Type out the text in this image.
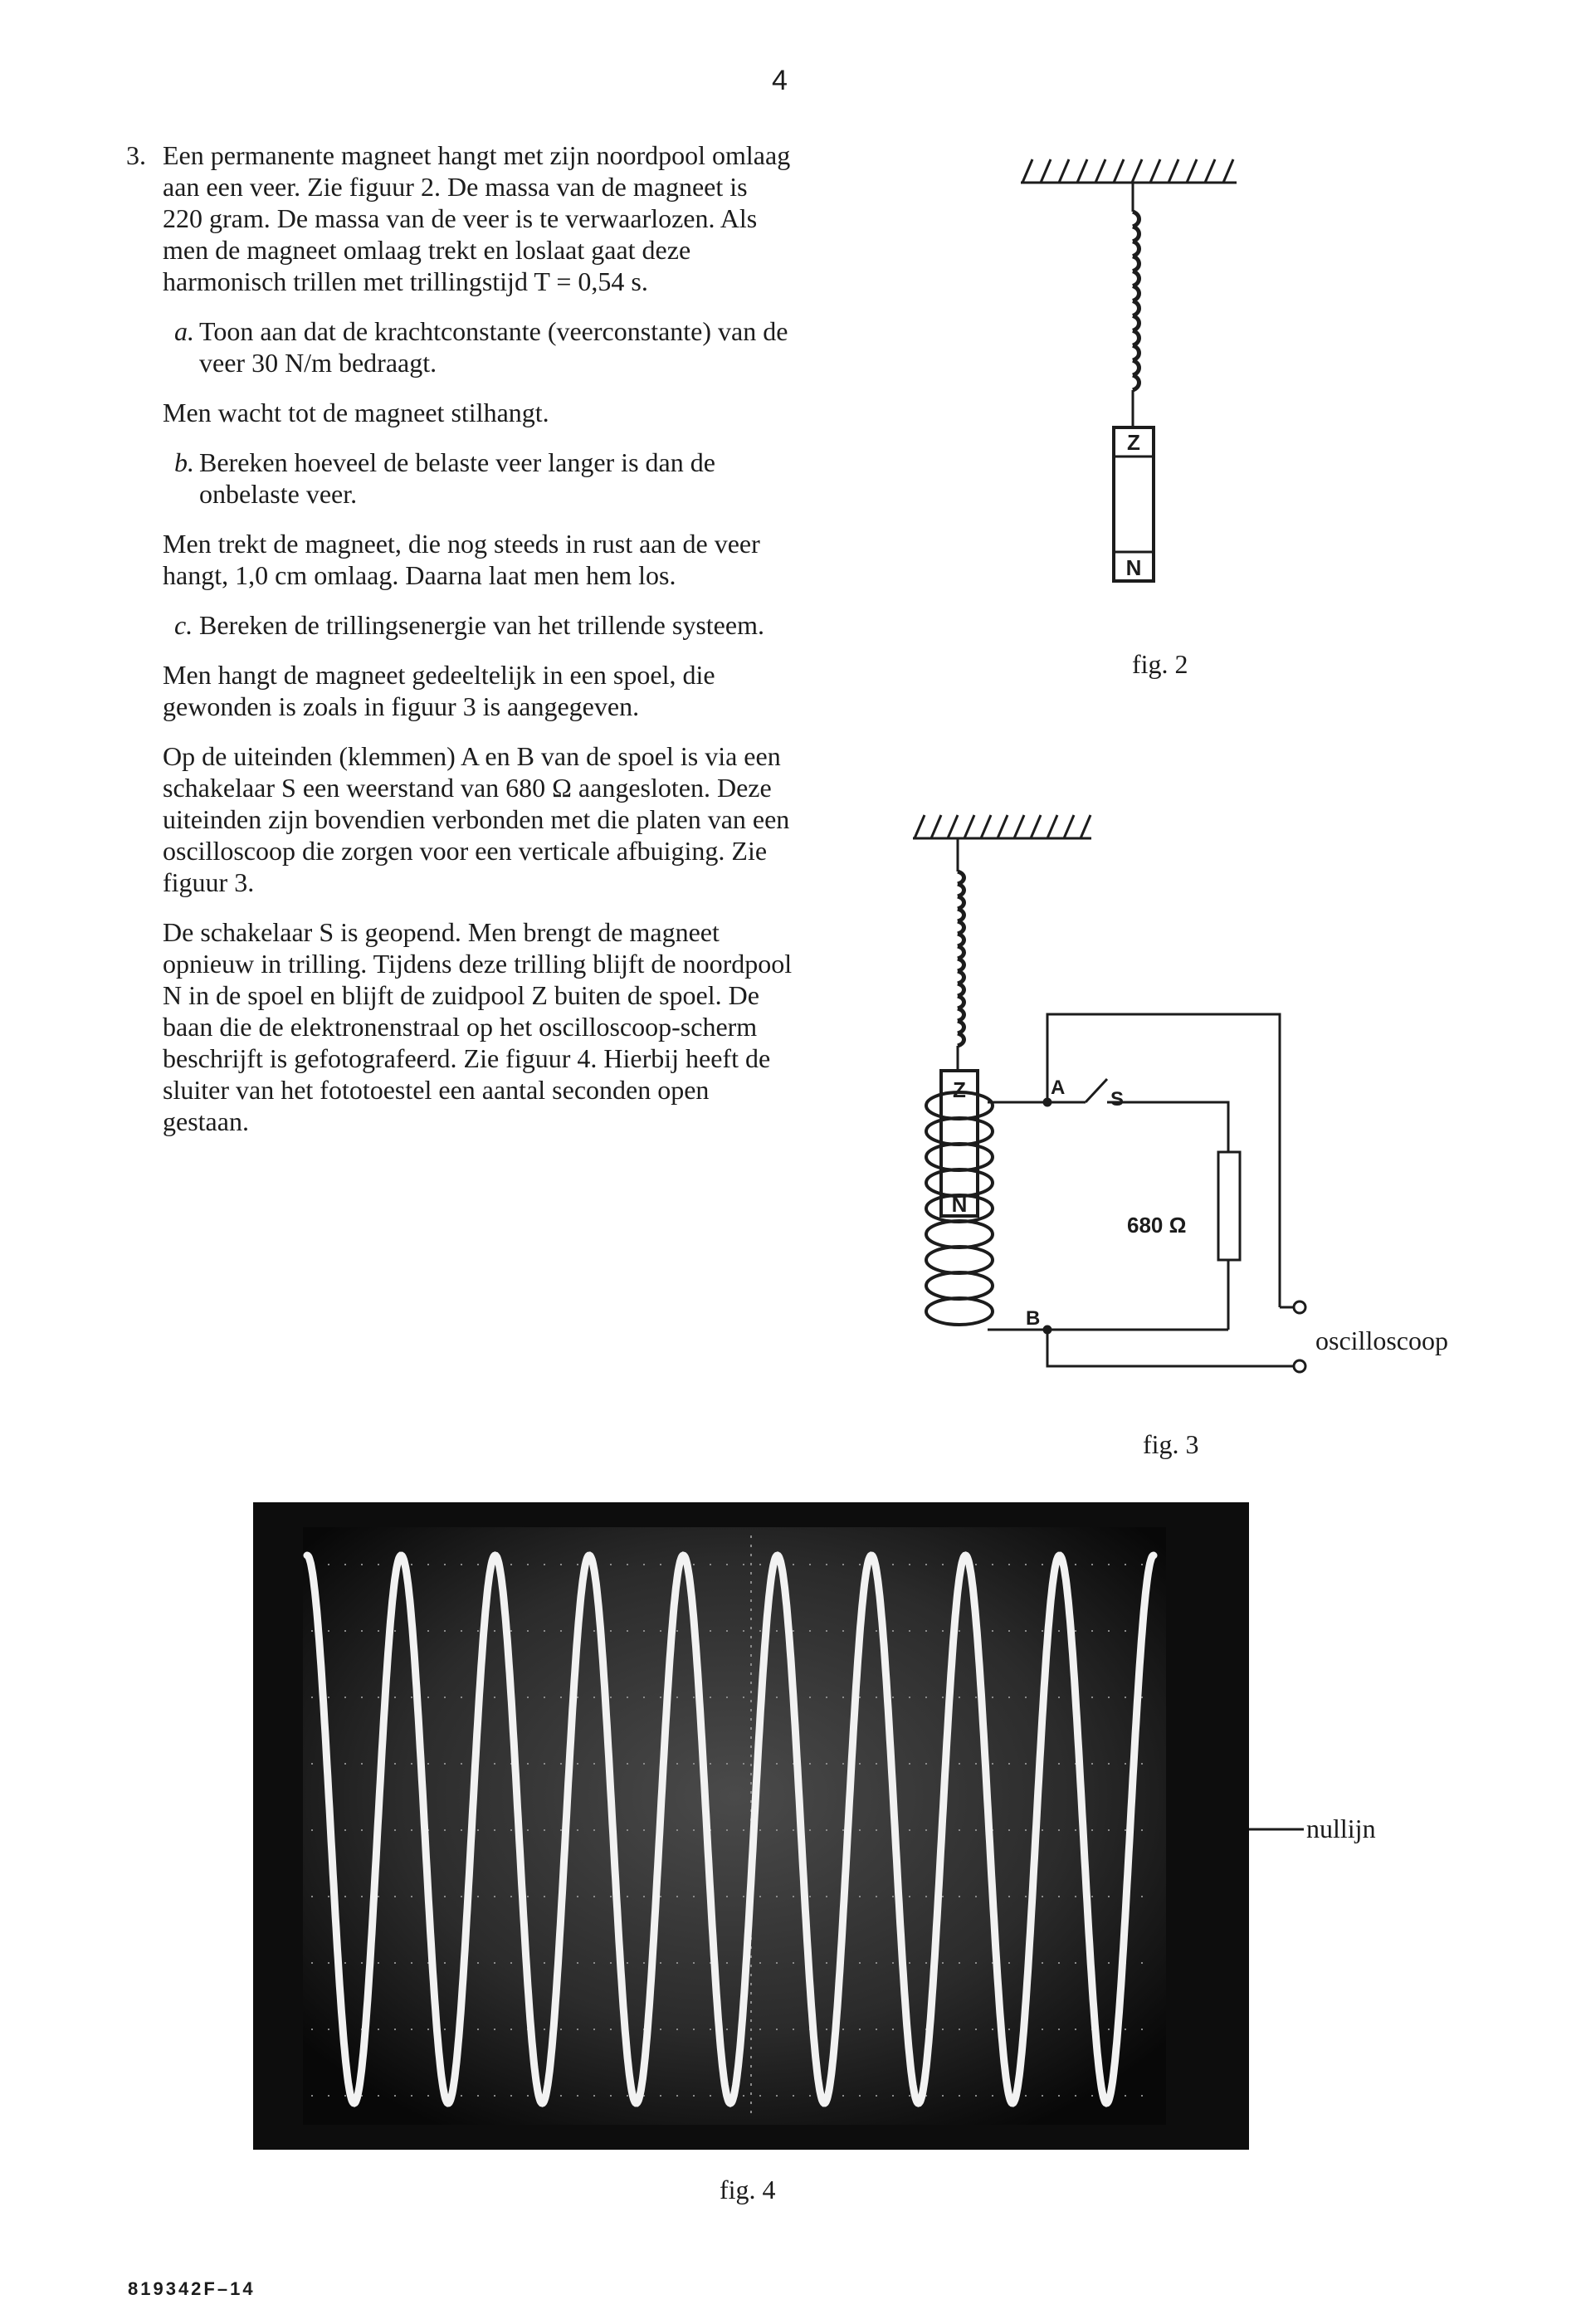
4

3. Een permanente magneet hangt met zijn noordpool omlaag aan een veer. Zie figuur 2. De massa van de magneet is 220 gram. De massa van de veer is te verwaarlozen. Als men de magneet omlaag trekt en loslaat gaat deze harmonisch trillen met trillingstijd T = 0,54 s.

a. Toon aan dat de krachtconstante (veerconstante) van de veer 30 N/m bedraagt.

Men wacht tot de magneet stilhangt.

b. Bereken hoeveel de belaste veer langer is dan de onbelaste veer.

Men trekt de magneet, die nog steeds in rust aan de veer hangt, 1,0 cm omlaag. Daarna laat men hem los.

c. Bereken de trillingsenergie van het trillende systeem.

Men hangt de magneet gedeeltelijk in een spoel, die gewonden is zoals in figuur 3 is aangegeven.

Op de uiteinden (klemmen) A en B van de spoel is via een schakelaar S een weerstand van 680 Ω aangesloten. Deze uiteinden zijn bovendien verbonden met die platen van een oscilloscoop die zorgen voor een verticale afbuiging. Zie figuur 3.

De schakelaar S is geopend. Men brengt de magneet opnieuw in trilling. Tijdens deze trilling blijft de noordpool N in de spoel en blijft de zuidpool Z buiten de spoel. De baan die de elektronenstraal op het oscilloscoop-scherm beschrijft is gefotografeerd. Zie figuur 4. Hierbij heeft de sluiter van het fototoestel een aantal seconden open gestaan.

Z
N
fig. 2
Z
N
A
S
B
680 Ω
oscilloscoop
fig. 3
nullijn
fig. 4
819342F–14
